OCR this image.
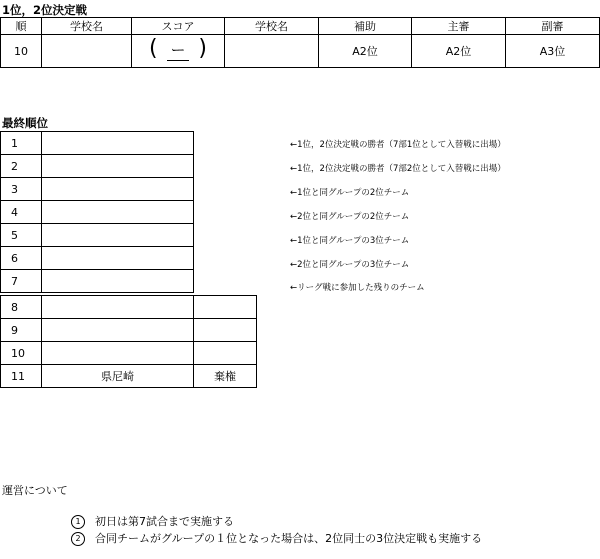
1位，2位決定戦
順	学校名	スコア	学校名	補助	主審	副審
10		( ー )		A2位	A2位	A3位
最終順位
1	
2	
3	
4	
5	
6	
7	
8		
9		
10		
11	県尼崎	棄権
←1位，2位決定戦の勝者（7部1位として入替戦に出場）
←1位，2位決定戦の勝者（7部2位として入替戦に出場）
←1位と同グループの2位チーム
←2位と同グループの2位チーム
←1位と同グループの3位チーム
←2位と同グループの3位チーム
←リーグ戦に参加した残りのチーム
運営について
1 初日は第7試合まで実施する
2 合同チームがグループの１位となった場合は、2位同士の3位決定戦も実施する
